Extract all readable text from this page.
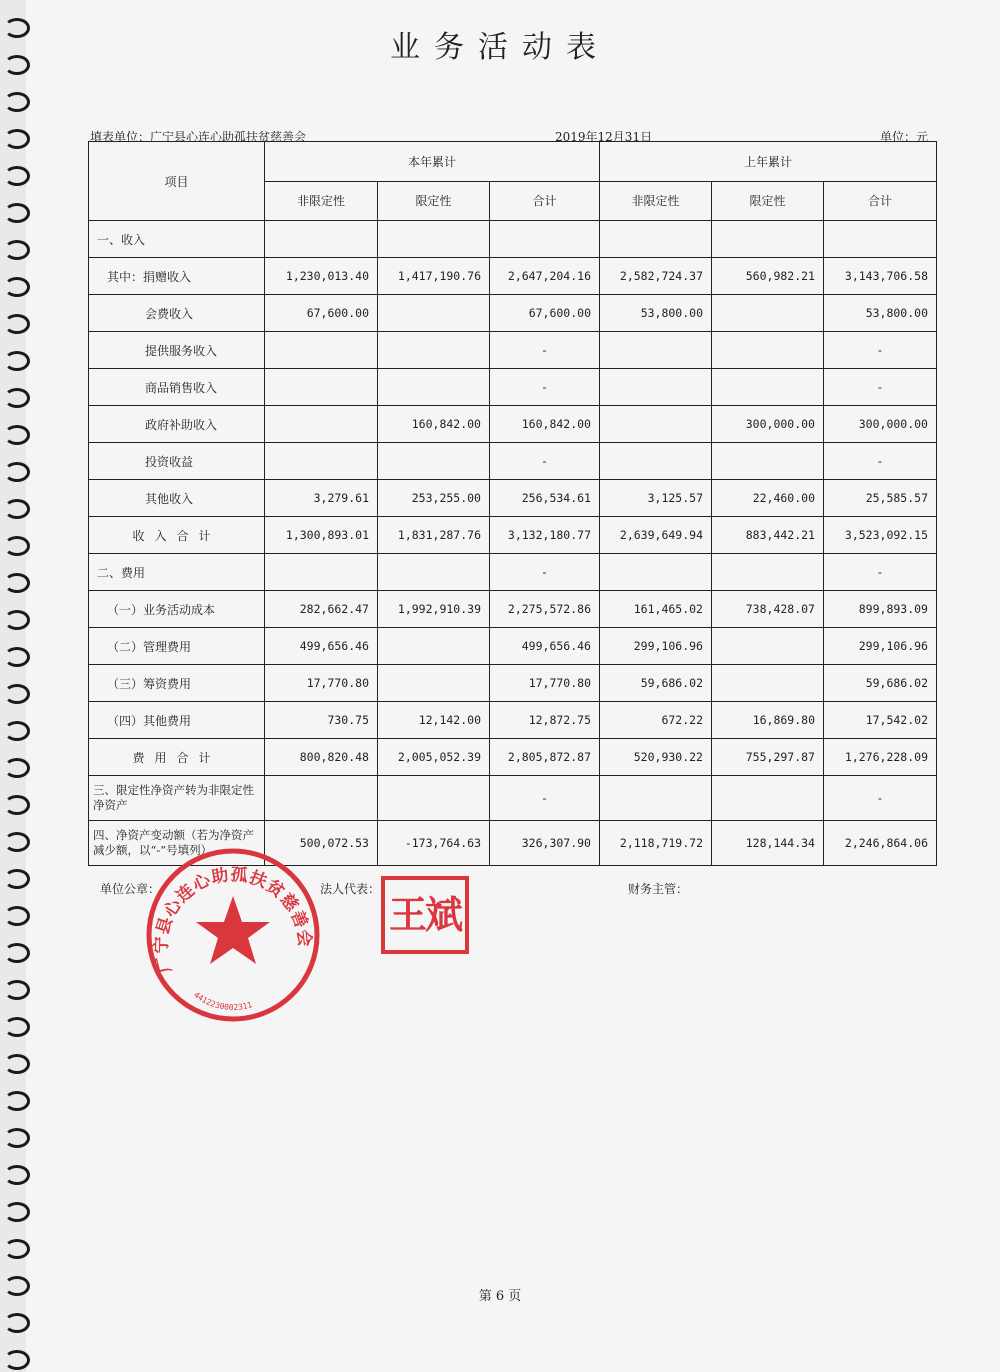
业务活动表
填表单位：广宁县心连心助孤扶贫慈善会	2019年12月31日	单位：元
项目	本年累计			上年累计		
	非限定性	限定性	合计	非限定性	限定性	合计
一、收入						
其中：捐赠收入	1,230,013.40	1,417,190.76	2,647,204.16	2,582,724.37	560,982.21	3,143,706.58
会费收入	67,600.00		67,600.00	53,800.00		53,800.00
提供服务收入			-			-
商品销售收入			-			-
政府补助收入		160,842.00	160,842.00		300,000.00	300,000.00
投资收益			-			-
其他收入	3,279.61	253,255.00	256,534.61	3,125.57	22,460.00	25,585.57
收入合计	1,300,893.01	1,831,287.76	3,132,180.77	2,639,649.94	883,442.21	3,523,092.15
二、费用			-			-
（一）业务活动成本	282,662.47	1,992,910.39	2,275,572.86	161,465.02	738,428.07	899,893.09
（二）管理费用	499,656.46		499,656.46	299,106.96		299,106.96
（三）筹资费用	17,770.80		17,770.80	59,686.02		59,686.02
（四）其他费用	730.75	12,142.00	12,872.75	672.22	16,869.80	17,542.02
费用合计	800,820.48	2,005,052.39	2,805,872.87	520,930.22	755,297.87	1,276,228.09
三、限定性净资产转为非限定性净资产			-			-
四、净资产变动额（若为净资产减少额，以“-”号填列）	500,072.53	-173,764.63	326,307.90	2,118,719.72	128,144.34	2,246,864.06
单位公章：	法人代表：	财务主管：
广宁县心连心助孤扶贫慈善会
4412230002311
王斌
第 6 页
